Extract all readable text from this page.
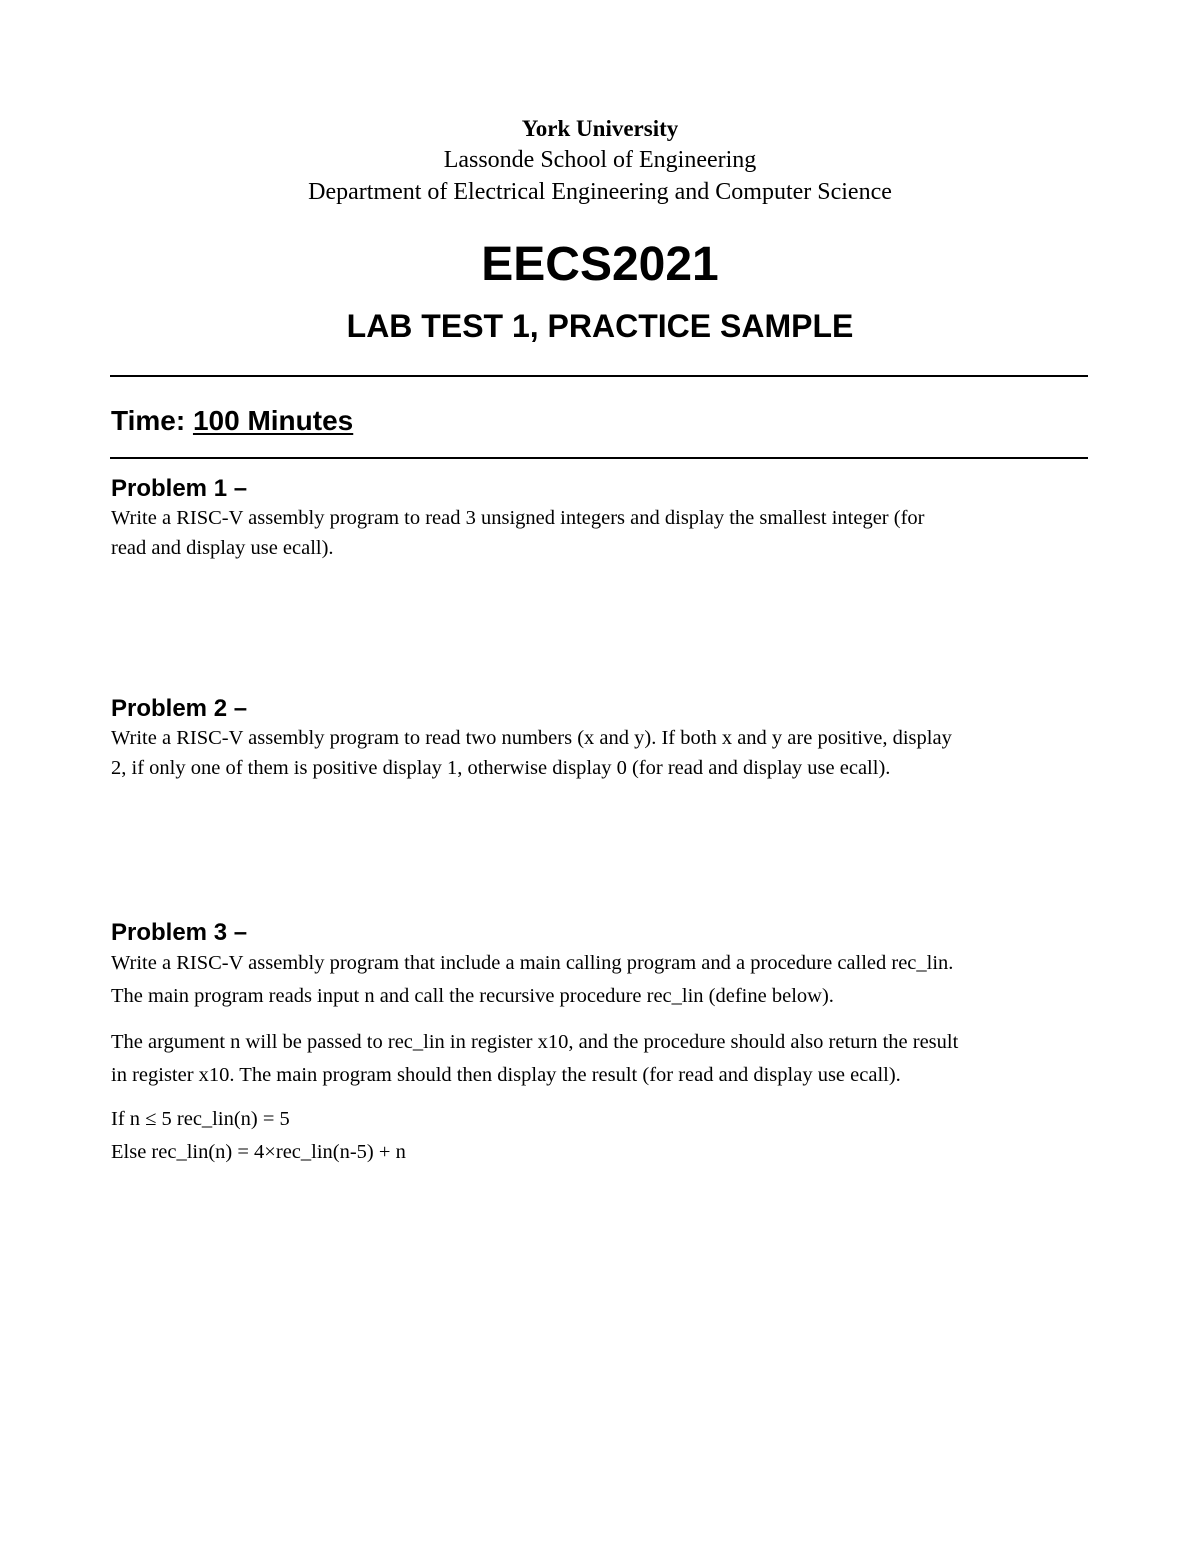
York University
Lassonde School of Engineering
Department of Electrical Engineering and Computer Science
EECS2021
LAB TEST 1, PRACTICE SAMPLE
Time: 100 Minutes
Problem 1 –
Write a RISC-V assembly program to read 3 unsigned integers and display the smallest integer (for
read and display use ecall).
Problem 2 –
Write a RISC-V assembly program to read two numbers (x and y). If both x and y are positive, display
2, if only one of them is positive display 1, otherwise display 0 (for read and display use ecall).
Problem 3 –
Write a RISC-V assembly program that include a main calling program and a procedure called rec_lin.
The main program reads input n and call the recursive procedure rec_lin (define below).
The argument n will be passed to rec_lin in register x10, and the procedure should also return the result
in register x10. The main program should then display the result (for read and display use ecall).
If n ≤ 5 rec_lin(n) = 5
Else rec_lin(n) = 4×rec_lin(n-5) + n
